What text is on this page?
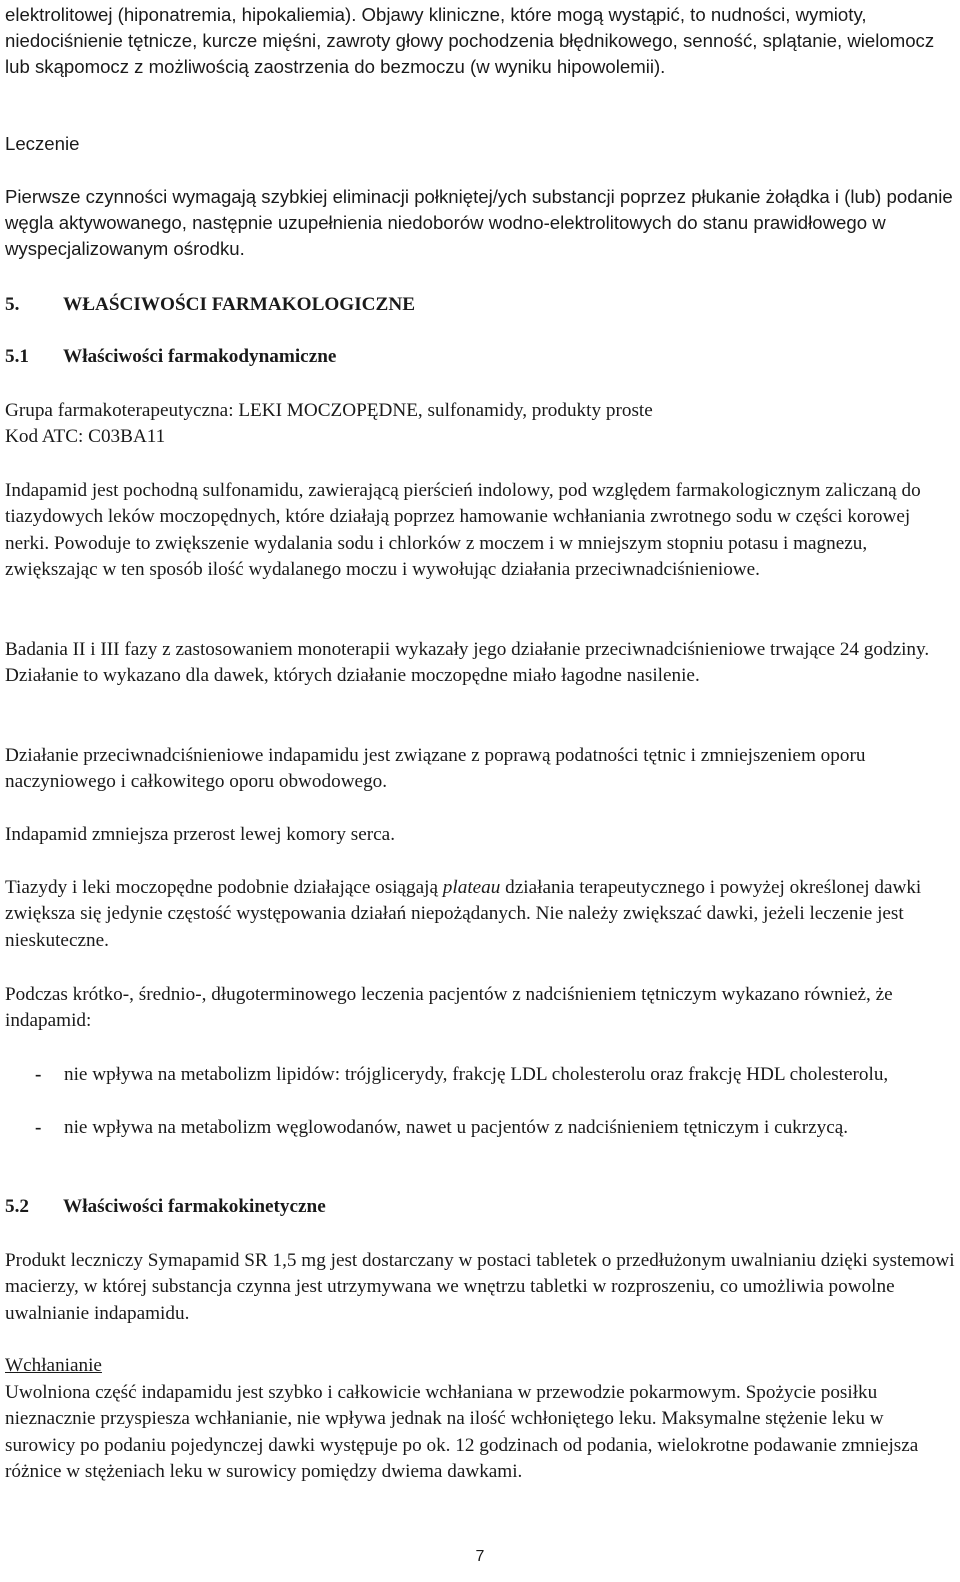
elektrolitowej (hiponatremia, hipokaliemia). Objawy kliniczne, które mogą wystąpić, to nudności, wymioty, niedociśnienie tętnicze, kurcze mięśni, zawroty głowy pochodzenia błędnikowego, senność, splątanie, wielomocz lub skąpomocz z możliwością zaostrzenia do bezmoczu (w wyniku hipowolemii).

Leczenie

Pierwsze czynności wymagają szybkiej eliminacji połkniętej/ych substancji poprzez płukanie żołądka i (lub) podanie węgla aktywowanego, następnie uzupełnienia niedoborów wodno-elektrolitowych do stanu prawidłowego w wyspecjalizowanym ośrodku.

5. WŁAŚCIWOŚCI FARMAKOLOGICZNE
5.1 Właściwości farmakodynamiczne

Grupa farmakoterapeutyczna: LEKI MOCZOPĘDNE, sulfonamidy, produkty proste

Kod ATC: C03BA11

Indapamid jest pochodną sulfonamidu, zawierającą pierścień indolowy, pod względem farmakologicznym zaliczaną do tiazydowych leków moczopędnych, które działają poprzez hamowanie wchłaniania zwrotnego sodu w części korowej nerki. Powoduje to zwiększenie wydalania sodu i chlorków z moczem i w mniejszym stopniu potasu i magnezu, zwiększając w ten sposób ilość wydalanego moczu i wywołując działania przeciwnadciśnieniowe.

Badania II i III fazy z zastosowaniem monoterapii wykazały jego działanie przeciwnadciśnieniowe trwające 24 godziny. Działanie to wykazano dla dawek, których działanie moczopędne miało łagodne nasilenie.

Działanie przeciwnadciśnieniowe indapamidu jest związane z poprawą podatności tętnic i zmniejszeniem oporu naczyniowego i całkowitego oporu obwodowego.

Indapamid zmniejsza przerost lewej komory serca.

Tiazydy i leki moczopędne podobnie działające osiągają plateau działania terapeutycznego i powyżej określonej dawki zwiększa się jedynie częstość występowania działań niepożądanych. Nie należy zwiększać dawki, jeżeli leczenie jest nieskuteczne.

Podczas krótko-, średnio-, długoterminowego leczenia pacjentów z nadciśnieniem tętniczym wykazano również, że indapamid:

- nie wpływa na metabolizm lipidów: trójglicerydy, frakcję LDL cholesterolu oraz frakcję HDL cholesterolu,
- nie wpływa na metabolizm węglowodanów, nawet u pacjentów z nadciśnieniem tętniczym i cukrzycą.
5.2 Właściwości farmakokinetyczne

Produkt leczniczy Symapamid SR 1,5 mg jest dostarczany w postaci tabletek o przedłużonym uwalnianiu dzięki systemowi macierzy, w której substancja czynna jest utrzymywana we wnętrzu tabletki w rozproszeniu, co umożliwia powolne uwalnianie indapamidu.

Wchłanianie

Uwolniona część indapamidu jest szybko i całkowicie wchłaniana w przewodzie pokarmowym. Spożycie posiłku nieznacznie przyspiesza wchłanianie, nie wpływa jednak na ilość wchłoniętego leku. Maksymalne stężenie leku w surowicy po podaniu pojedynczej dawki występuje po ok. 12 godzinach od podania, wielokrotne podawanie zmniejsza różnice w stężeniach leku w surowicy pomiędzy dwiema dawkami.

7
